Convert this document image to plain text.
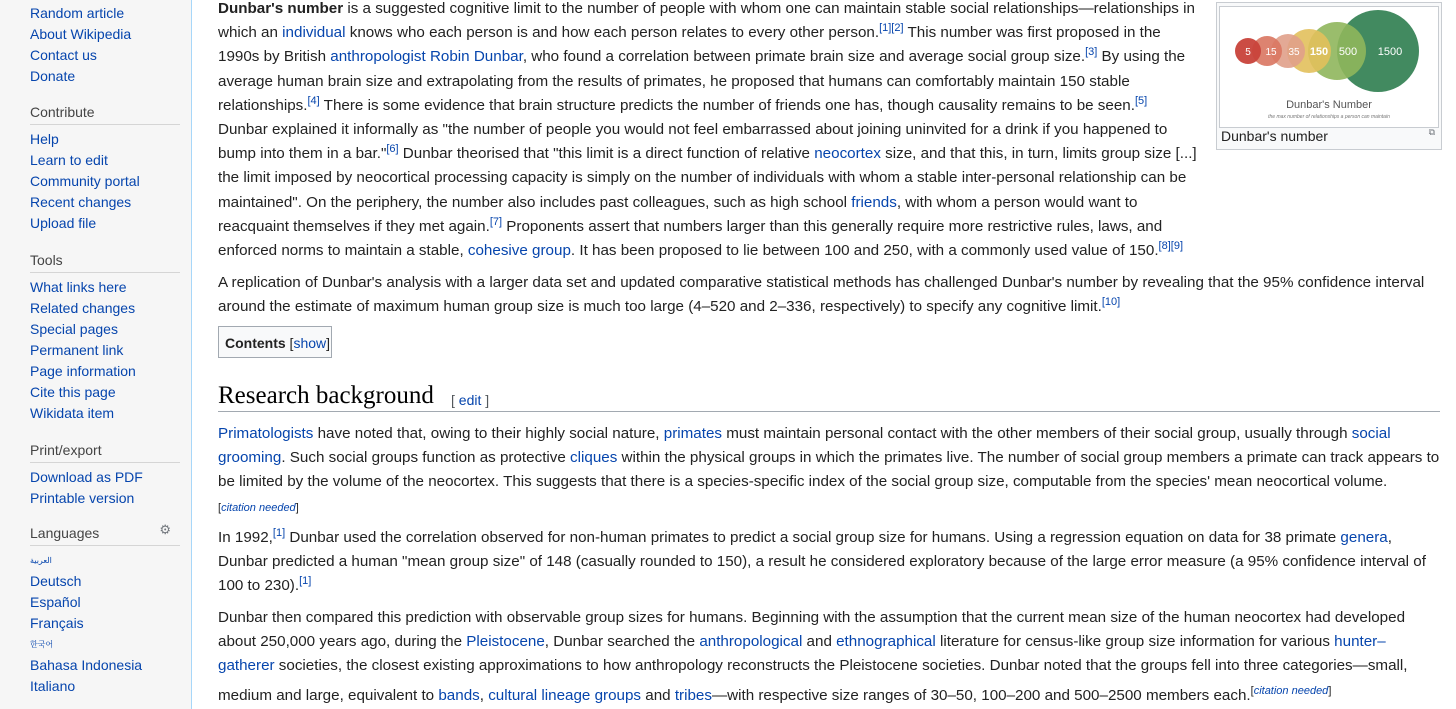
Random article
About Wikipedia
Contact us
Donate
Contribute
Help
Learn to edit
Community portal
Recent changes
Upload file
Tools
What links here
Related changes
Special pages
Permanent link
Page information
Cite this page
Wikidata item
Print/export
Download as PDF
Printable version
Languages	⚙
العربية
Deutsch
Español
Français
한국어
Bahasa Indonesia
Italiano
5 15 35 150 500 1500
Dunbar's Number
the max number of relationships a person can maintain
Dunbar's number	⧉
Dunbar's number is a suggested cognitive limit to the number of people with whom one can maintain stable social relationships—relationships in which an individual knows who each person is and how each person relates to every other person.[1][2] This number was first proposed in the 1990s by British anthropologist Robin Dunbar, who found a correlation between primate brain size and average social group size.[3] By using the average human brain size and extrapolating from the results of primates, he proposed that humans can comfortably maintain 150 stable relationships.[4] There is some evidence that brain structure predicts the number of friends one has, though causality remains to be seen.[5] Dunbar explained it informally as "the number of people you would not feel embarrassed about joining uninvited for a drink if you happened to bump into them in a bar."[6] Dunbar theorised that "this limit is a direct function of relative neocortex size, and that this, in turn, limits group size [...] the limit imposed by neocortical processing capacity is simply on the number of individuals with whom a stable inter-personal relationship can be maintained". On the periphery, the number also includes past colleagues, such as high school friends, with whom a person would want to reacquaint themselves if they met again.[7] Proponents assert that numbers larger than this generally require more restrictive rules, laws, and enforced norms to maintain a stable, cohesive group. It has been proposed to lie between 100 and 250, with a commonly used value of 150.[8][9]
A replication of Dunbar's analysis with a larger data set and updated comparative statistical methods has challenged Dunbar's number by revealing that the 95% confidence interval around the estimate of maximum human group size is much too large (4–520 and 2–336, respectively) to specify any cognitive limit.[10]
Contents [show]
Research background [ edit ]
Primatologists have noted that, owing to their highly social nature, primates must maintain personal contact with the other members of their social group, usually through social grooming. Such social groups function as protective cliques within the physical groups in which the primates live. The number of social group members a primate can track appears to be limited by the volume of the neocortex. This suggests that there is a species-specific index of the social group size, computable from the species' mean neocortical volume.
[citation needed]
In 1992,[1] Dunbar used the correlation observed for non-human primates to predict a social group size for humans. Using a regression equation on data for 38 primate genera, Dunbar predicted a human "mean group size" of 148 (casually rounded to 150), a result he considered exploratory because of the large error measure (a 95% confidence interval of 100 to 230).[1]
Dunbar then compared this prediction with observable group sizes for humans. Beginning with the assumption that the current mean size of the human neocortex had developed about 250,000 years ago, during the Pleistocene, Dunbar searched the anthropological and ethnographical literature for census-like group size information for various hunter–gatherer societies, the closest existing approximations to how anthropology reconstructs the Pleistocene societies. Dunbar noted that the groups fell into three categories—small, medium and large, equivalent to bands, cultural lineage groups and tribes—with respective size ranges of 30–50, 100–200 and 500–2500 members each.[citation needed]
